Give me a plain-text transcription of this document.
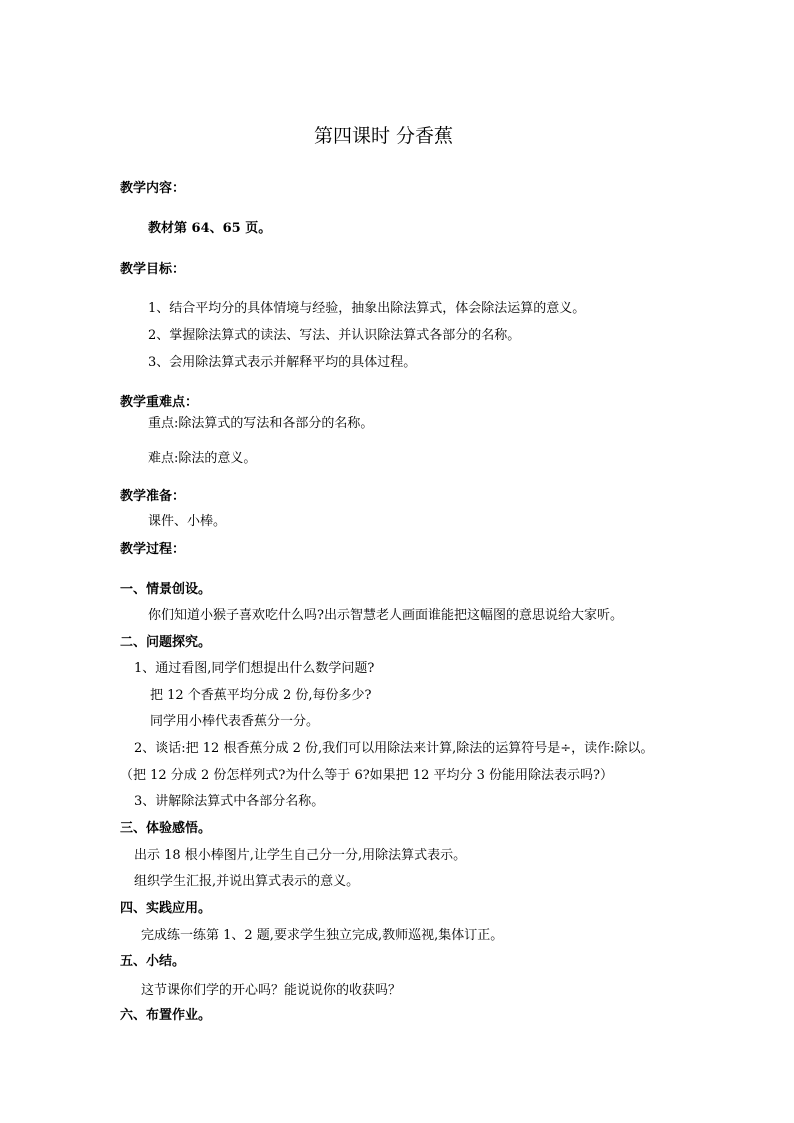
第四课时 分香蕉
教学内容：
教材第 64、65 页。
教学目标：
1、结合平均分的具体情境与经验，抽象出除法算式，体会除法运算的意义。
2、掌握除法算式的读法、写法、并认识除法算式各部分的名称。
3、会用除法算式表示并解释平均的具体过程。
教学重难点：
重点:除法算式的写法和各部分的名称。
难点:除法的意义。
教学准备：
课件、小棒。
教学过程：
一、情景创设。
你们知道小猴子喜欢吃什么吗?出示智慧老人画面谁能把这幅图的意思说给大家听。
二、问题探究。
1、通过看图,同学们想提出什么数学问题?
把 12 个香蕉平均分成 2 份,每份多少?
同学用小棒代表香蕉分一分。
2、谈话:把 12 根香蕉分成 2 份,我们可以用除法来计算,除法的运算符号是÷，读作:除以。
（把 12 分成 2 份怎样列式?为什么等于 6?如果把 12 平均分 3 份能用除法表示吗?）
3、讲解除法算式中各部分名称。
三、体验感悟。
出示 18 根小棒图片,让学生自己分一分,用除法算式表示。
组织学生汇报,并说出算式表示的意义。
四、实践应用。
完成练一练第 1、2 题,要求学生独立完成,教师巡视,集体订正。
五、小结。
这节课你们学的开心吗？能说说你的收获吗？
六、布置作业。
